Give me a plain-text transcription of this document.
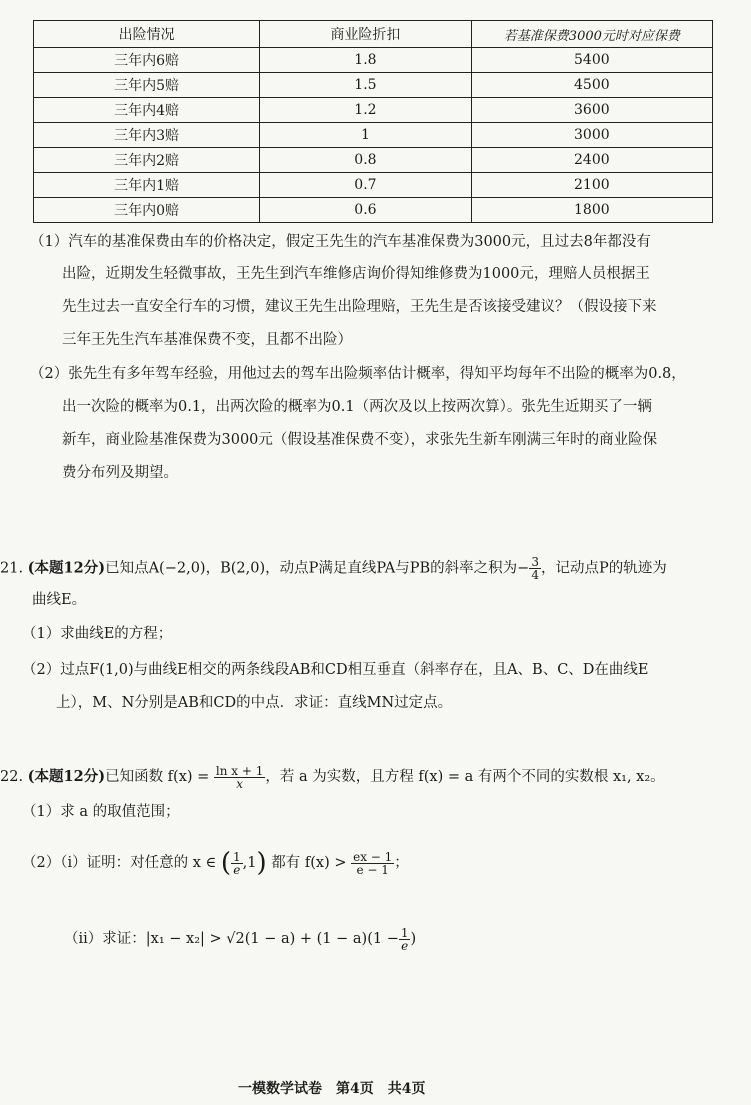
出险情况	商业险折扣	若基准保费3000元时对应保费
三年内6赔	1.8	5400
三年内5赔	1.5	4500
三年内4赔	1.2	3600
三年内3赔	1	3000
三年内2赔	0.8	2400
三年内1赔	0.7	2100
三年内0赔	0.6	1800
（1）汽车的基准保费由车的价格决定，假定王先生的汽车基准保费为3000元，且过去8年都没有
出险，近期发生轻微事故，王先生到汽车维修店询价得知维修费为1000元，理赔人员根据王
先生过去一直安全行车的习惯，建议王先生出险理赔，王先生是否该接受建议？（假设接下来
三年王先生汽车基准保费不变，且都不出险）
（2）张先生有多年驾车经验，用他过去的驾车出险频率估计概率，得知平均每年不出险的概率为0.8，
出一次险的概率为0.1，出两次险的概率为0.1（两次及以上按两次算）。张先生近期买了一辆
新车，商业险基准保费为3000元（假设基准保费不变），求张先生新车刚满三年时的商业险保
费分布列及期望。
21. (本题12分)已知点A(−2,0)，B(2,0)，动点P满足直线PA与PB的斜率之积为− $\frac{3}{4}$ ，记动点P的轨迹为
曲线E。
（1）求曲线E的方程；
（2）过点F(1,0)与曲线E相交的两条线段AB和CD相互垂直（斜率存在，且A、B、C、D在曲线E
上），M、N分别是AB和CD的中点．求证：直线MN过定点。
22. (本题12分)已知函数 $f(x) = \frac{\text{ln x + 1}}{x}$ ，若 a 为实数，且方程 f(x) = a 有两个不同的实数根 x₁, x₂。
（1）求 a 的取值范围；
（2）（i）证明：对任意的 x ∈ ( $\frac{1}{e} ,1$) 都有 $f(x) > \frac{ex - 1}{e - 1}$ ；
（ii）求证：$|x_1 - x_2| > √2(1 - a) + (1 - a)(1 - \frac{1}{e}$ )
一模数学试卷　第4页　共4页
